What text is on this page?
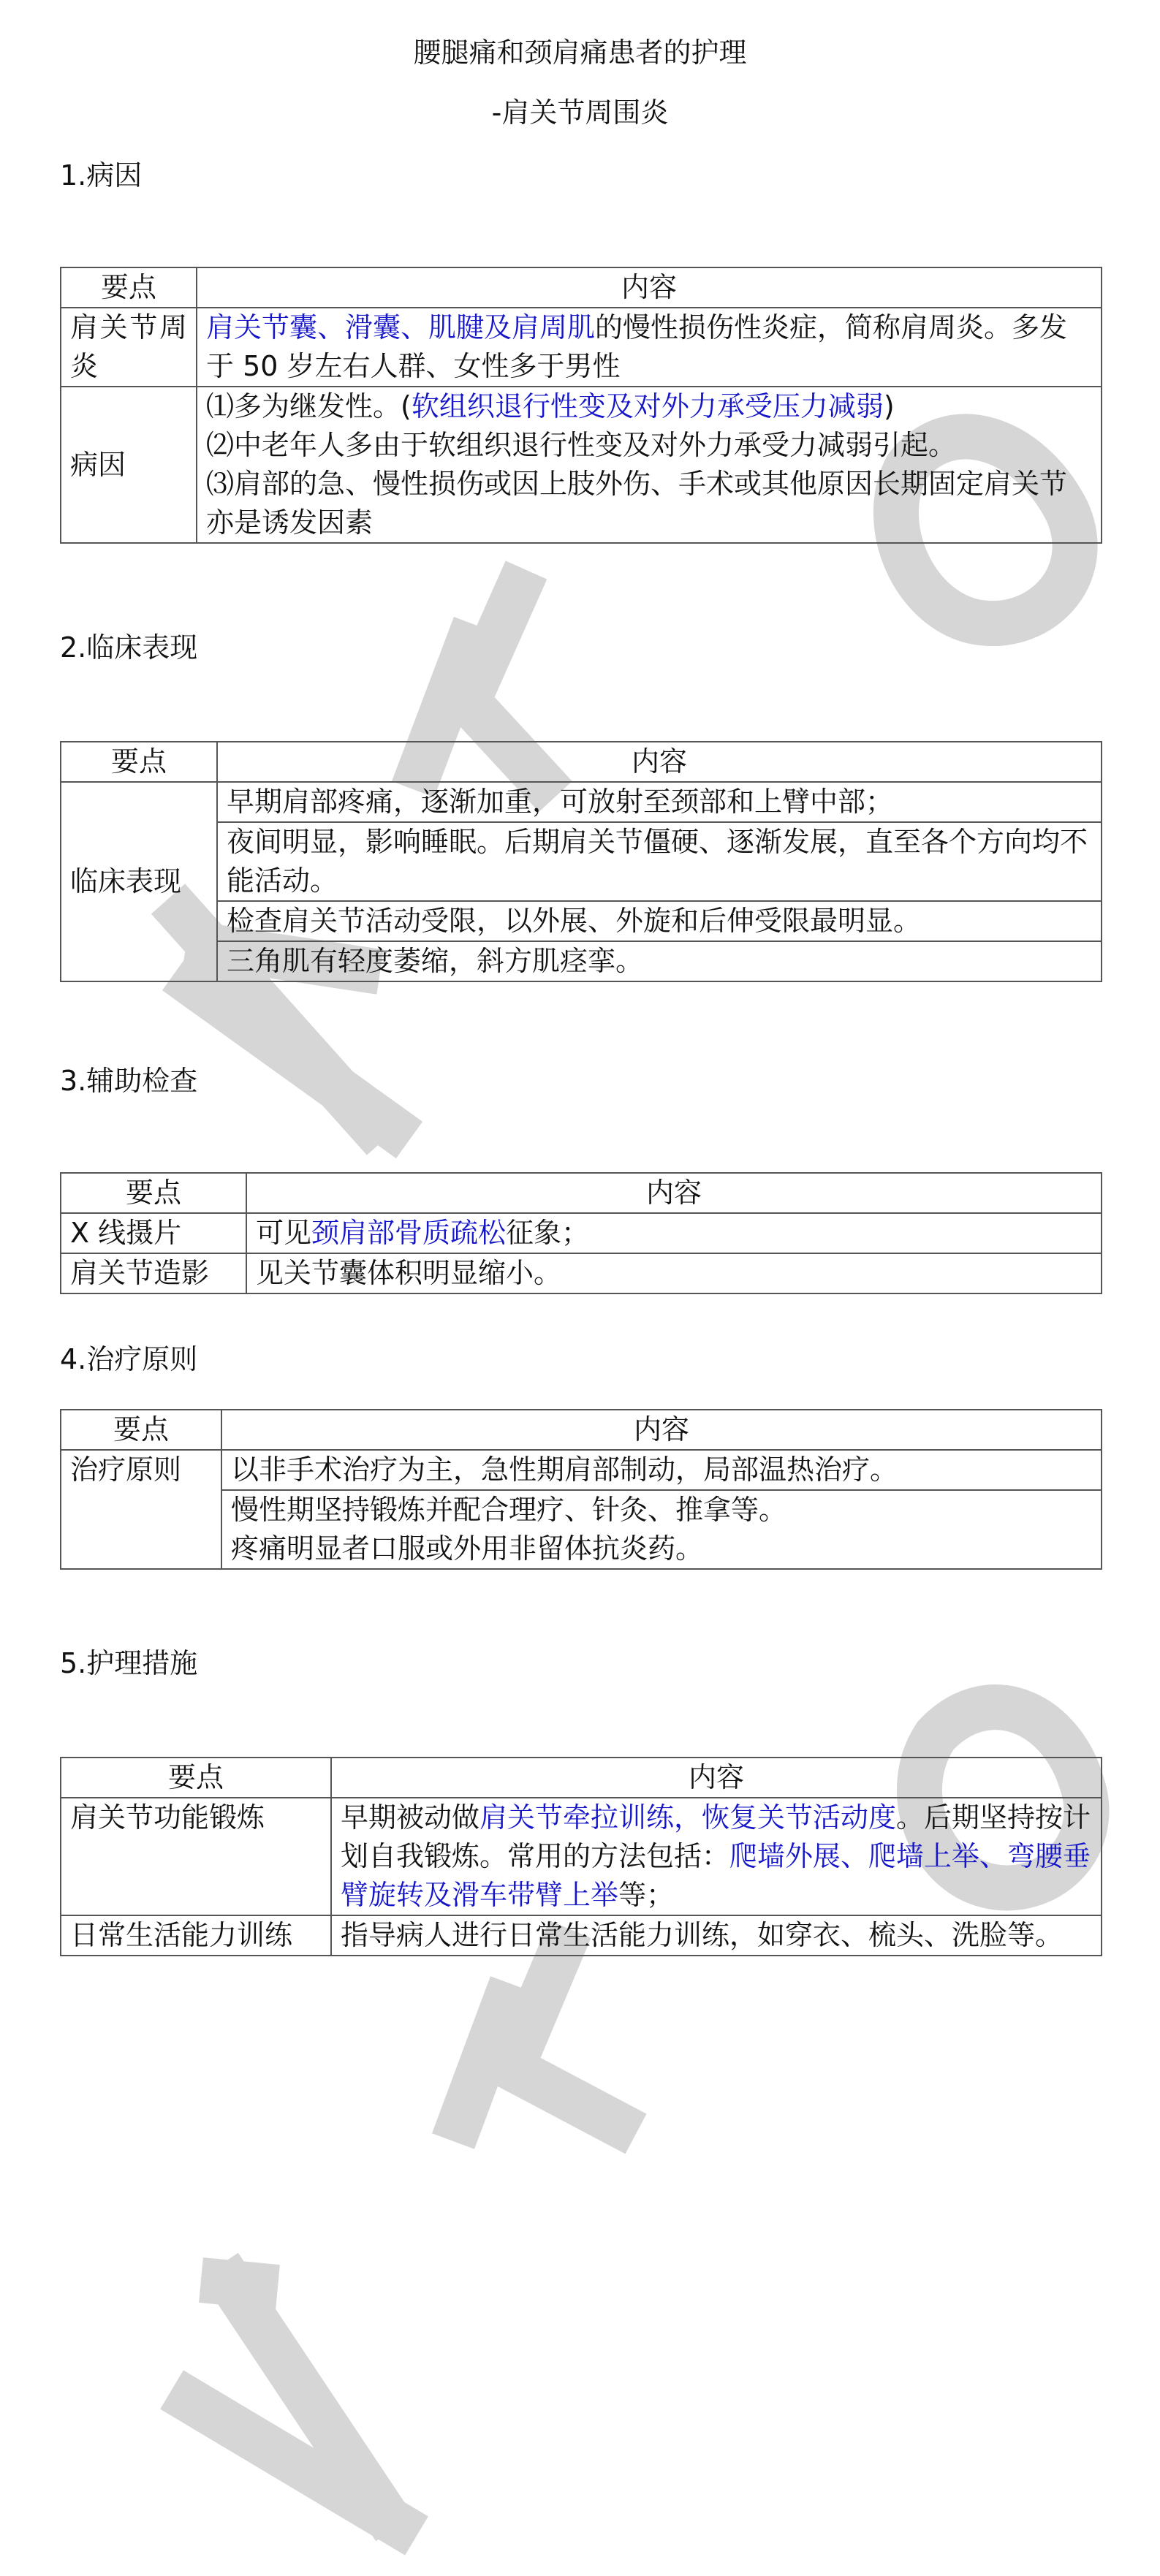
腰腿痛和颈肩痛患者的护理
-肩关节周围炎
1.病因
要点	内容
肩关节周炎	肩关节囊、滑囊、肌腱及肩周肌的慢性损伤性炎症，简称肩周炎。多发于 50 岁左右人群、女性多于男性
病因	⑴多为继发性。(软组织退行性变及对外力承受压力减弱)
⑵中老年人多由于软组织退行性变及对外力承受力减弱引起。
⑶肩部的急、慢性损伤或因上肢外伤、手术或其他原因长期固定肩关节亦是诱发因素
2.临床表现
要点	内容
临床表现	早期肩部疼痛，逐渐加重，可放射至颈部和上臂中部；
	夜间明显，影响睡眠。后期肩关节僵硬、逐渐发展，直至各个方向均不能活动。
	检查肩关节活动受限，以外展、外旋和后伸受限最明显。
	三角肌有轻度萎缩，斜方肌痉挛。
3.辅助检查
要点	内容
X 线摄片	可见颈肩部骨质疏松征象；
肩关节造影	见关节囊体积明显缩小。
4.治疗原则
要点	内容
治疗原则	以非手术治疗为主，急性期肩部制动，局部温热治疗。

	慢性期坚持锻炼并配合理疗、针灸、推拿等。
疼痛明显者口服或外用非留体抗炎药。
5.护理措施
要点	内容
肩关节功能锻炼	早期被动做肩关节牵拉训练，恢复关节活动度。后期坚持按计划自我锻炼。常用的方法包括：爬墙外展、爬墙上举、弯腰垂臂旋转及滑车带臂上举等；
日常生活能力训练	指导病人进行日常生活能力训练，如穿衣、梳头、洗脸等。
